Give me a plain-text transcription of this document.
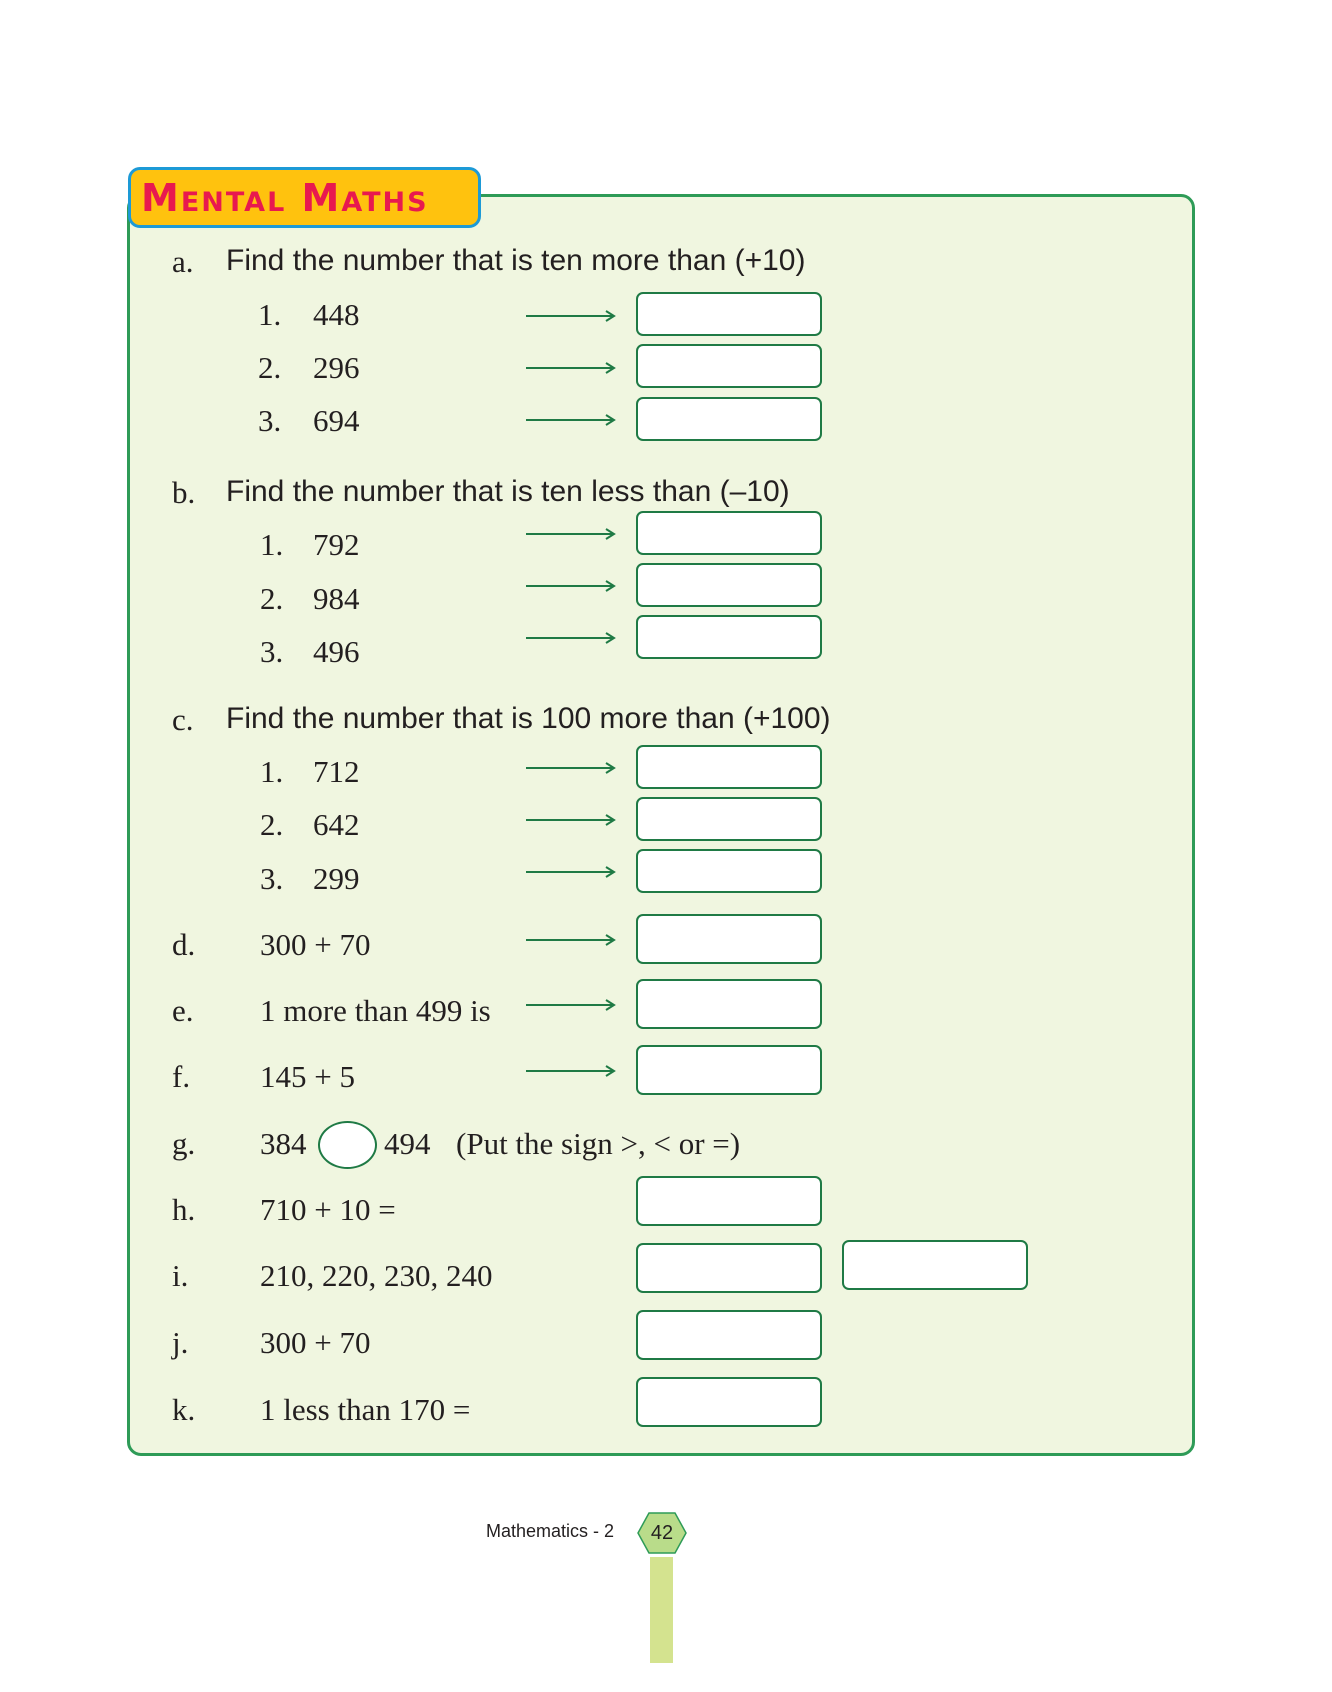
Mental Maths
a. Find the number that is ten more than (+10)
1. 448
2. 296
3. 694
b. Find the number that is ten less than (–10)
1. 792
2. 984
3. 496
c. Find the number that is 100 more than (+100)
1. 712
2. 642
3. 299
d. 300 + 70
e. 1 more than 499 is
f. 145 + 5
g. 384	494 (Put the sign >, < or =)
h. 710 + 10 =
i. 210, 220, 230, 240
j. 300 + 70
k. 1 less than 170 =
Mathematics - 2	42
